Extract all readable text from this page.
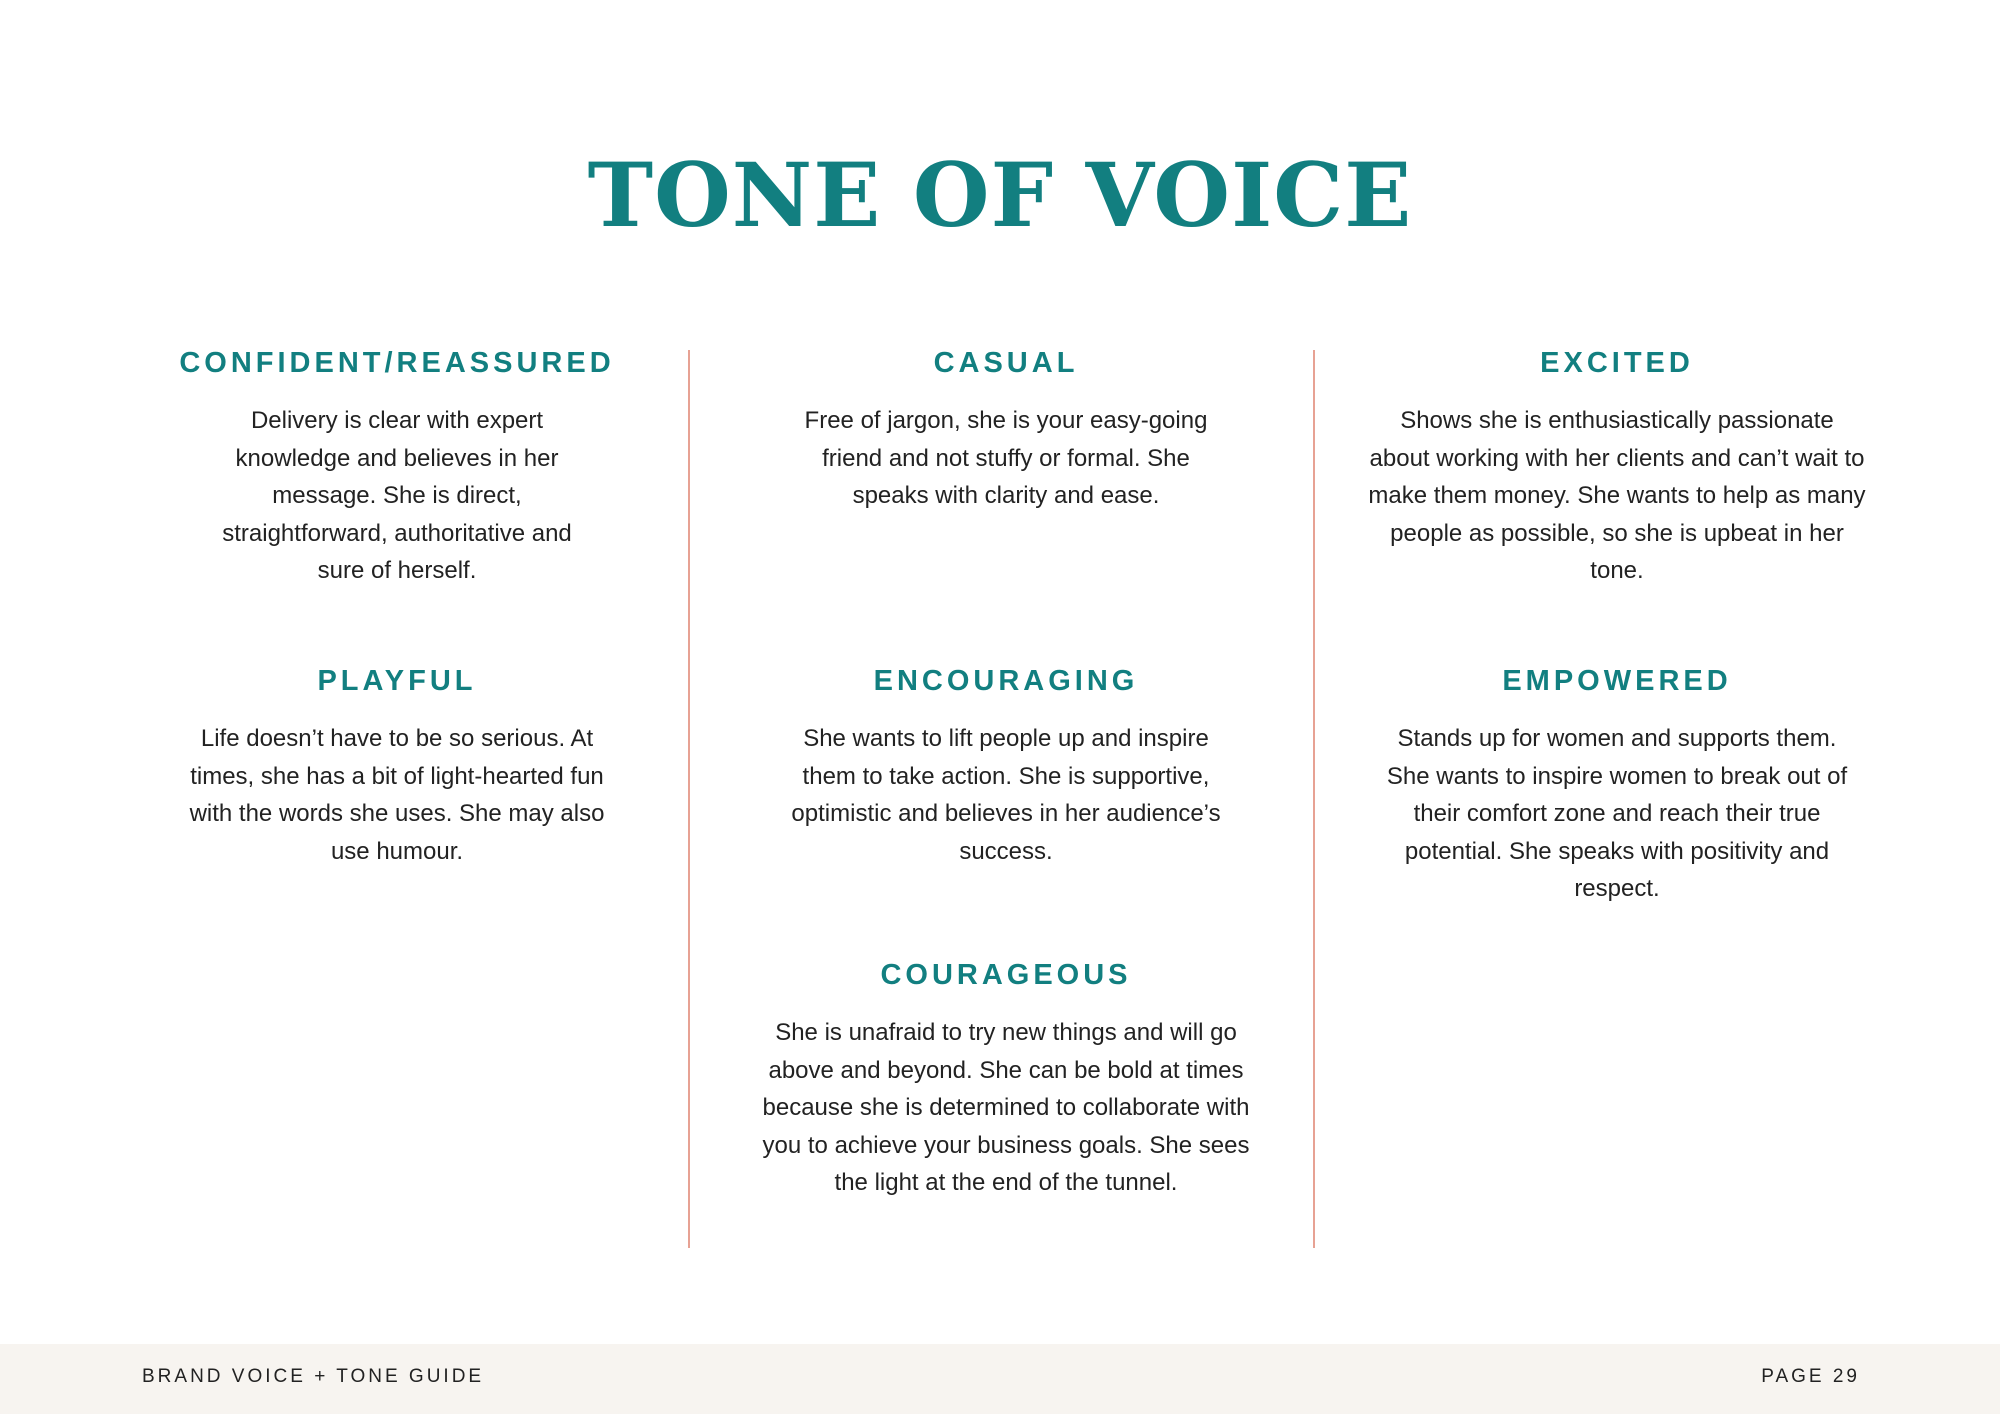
TONE OF VOICE
CONFIDENT/REASSURED

Delivery is clear with expert knowledge and believes in her message. She is direct, straightforward, authoritative and sure of herself.

PLAYFUL

Life doesn’t have to be so serious. At times, she has a bit of light-hearted fun with the words she uses. She may also use humour.

CASUAL

Free of jargon, she is your easy-going friend and not stuffy or formal. She speaks with clarity and ease.

ENCOURAGING

She wants to lift people up and inspire them to take action. She is supportive, optimistic and believes in her audience’s success.

COURAGEOUS

She is unafraid to try new things and will go above and beyond. She can be bold at times because she is determined to collaborate with you to achieve your business goals. She sees the light at the end of the tunnel.

EXCITED

Shows she is enthusiastically passionate about working with her clients and can’t wait to make them money. She wants to help as many people as possible, so she is upbeat in her tone.

EMPOWERED

Stands up for women and supports them. She wants to inspire women to break out of their comfort zone and reach their true potential. She speaks with positivity and respect.

BRAND VOICE + TONE GUIDE	PAGE 29
